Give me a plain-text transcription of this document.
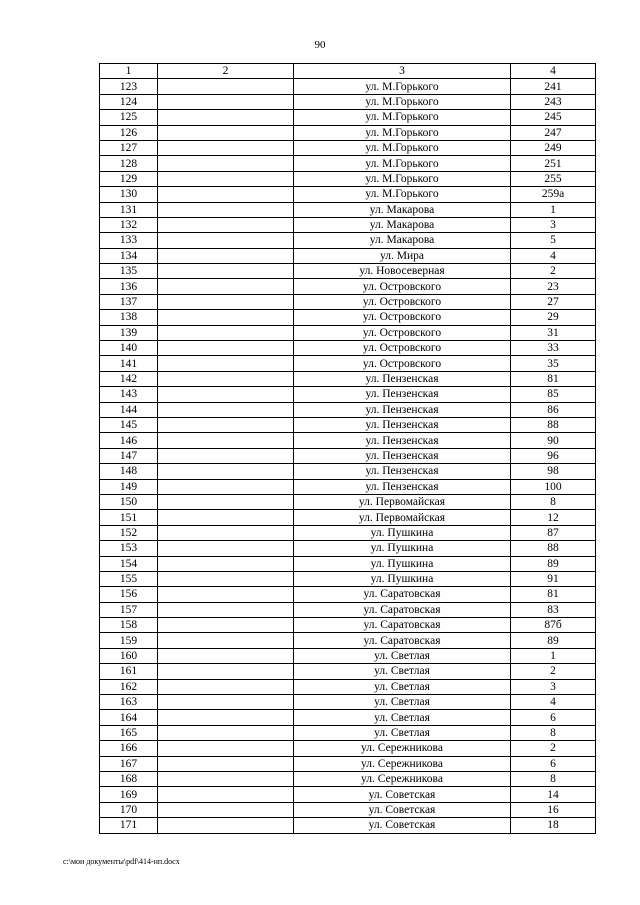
90
1	2	3	4
123		ул. М.Горького	241
124		ул. М.Горького	243
125		ул. М.Горького	245
126		ул. М.Горького	247
127		ул. М.Горького	249
128		ул. М.Горького	251
129		ул. М.Горького	255
130		ул. М.Горького	259а
131		ул. Макарова	1
132		ул. Макарова	3
133		ул. Макарова	5
134		ул. Мира	4
135		ул. Новосеверная	2
136		ул. Островского	23
137		ул. Островского	27
138		ул. Островского	29
139		ул. Островского	31
140		ул. Островского	33
141		ул. Островского	35
142		ул. Пензенская	81
143		ул. Пензенская	85
144		ул. Пензенская	86
145		ул. Пензенская	88
146		ул. Пензенская	90
147		ул. Пензенская	96
148		ул. Пензенская	98
149		ул. Пензенская	100
150		ул. Первомайская	8
151		ул. Первомайская	12
152		ул. Пушкина	87
153		ул. Пушкина	88
154		ул. Пушкина	89
155		ул. Пушкина	91
156		ул. Саратовская	81
157		ул. Саратовская	83
158		ул. Саратовская	87б
159		ул. Саратовская	89
160		ул. Светлая	1
161		ул. Светлая	2
162		ул. Светлая	3
163		ул. Светлая	4
164		ул. Светлая	6
165		ул. Светлая	8
166		ул. Сережникова	2
167		ул. Сережникова	6
168		ул. Сережникова	8
169		ул. Советская	14
170		ул. Советская	16
171		ул. Советская	18
c:\мои документы\pdf\414-нп.docx
